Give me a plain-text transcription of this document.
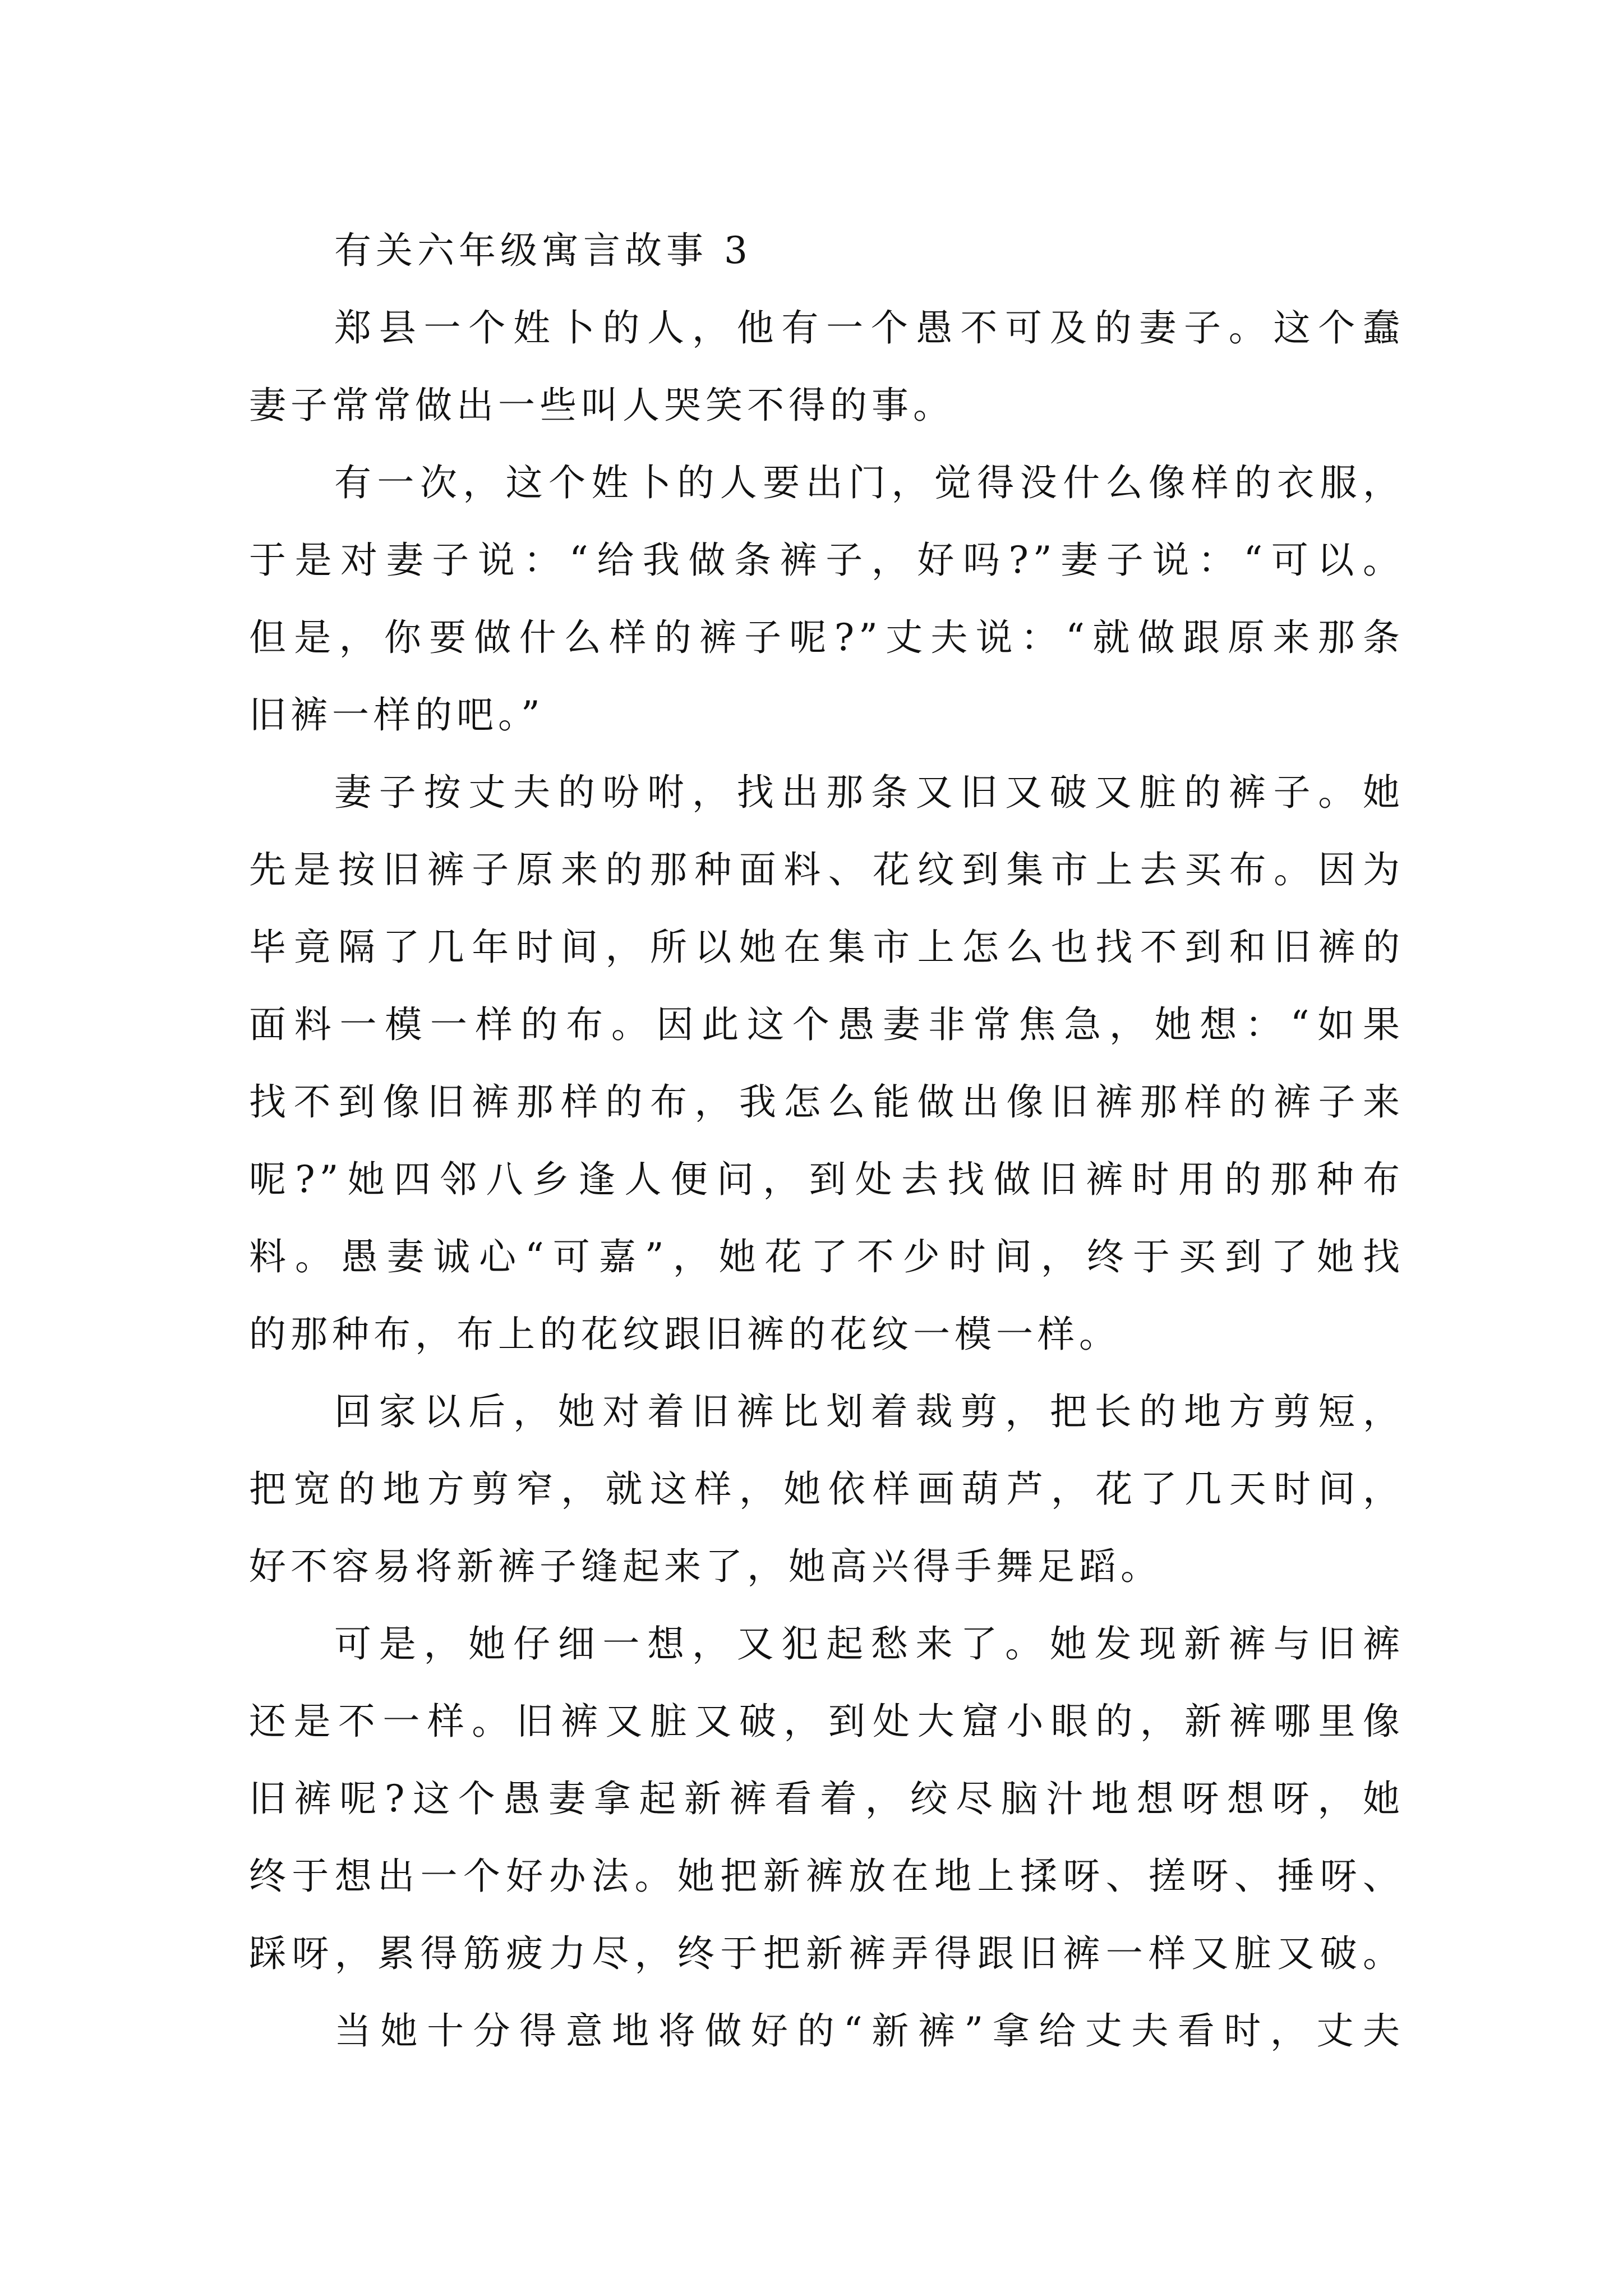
有关六年级寓言故事 3
郑县一个姓卜的人，他有一个愚不可及的妻子。这个蠢
妻子常常做出一些叫人哭笑不得的事。
有一次，这个姓卜的人要出门，觉得没什么像样的衣服，
于是对妻子说：“给我做条裤子，好吗?”妻子说：“可以。
但是，你要做什么样的裤子呢?”丈夫说：“就做跟原来那条
旧裤一样的吧。”
妻子按丈夫的吩咐，找出那条又旧又破又脏的裤子。她
先是按旧裤子原来的那种面料、花纹到集市上去买布。因为
毕竟隔了几年时间，所以她在集市上怎么也找不到和旧裤的
面料一模一样的布。因此这个愚妻非常焦急，她想：“如果
找不到像旧裤那样的布，我怎么能做出像旧裤那样的裤子来
呢?”她四邻八乡逢人便问，到处去找做旧裤时用的那种布
料。愚妻诚心“可嘉”，她花了不少时间，终于买到了她找
的那种布，布上的花纹跟旧裤的花纹一模一样。
回家以后，她对着旧裤比划着裁剪，把长的地方剪短，
把宽的地方剪窄，就这样，她依样画葫芦，花了几天时间，
好不容易将新裤子缝起来了，她高兴得手舞足蹈。
可是，她仔细一想，又犯起愁来了。她发现新裤与旧裤
还是不一样。旧裤又脏又破，到处大窟小眼的，新裤哪里像
旧裤呢?这个愚妻拿起新裤看着，绞尽脑汁地想呀想呀，她
终于想出一个好办法。她把新裤放在地上揉呀、搓呀、捶呀、
踩呀，累得筋疲力尽，终于把新裤弄得跟旧裤一样又脏又破。
当她十分得意地将做好的“新裤”拿给丈夫看时，丈夫
